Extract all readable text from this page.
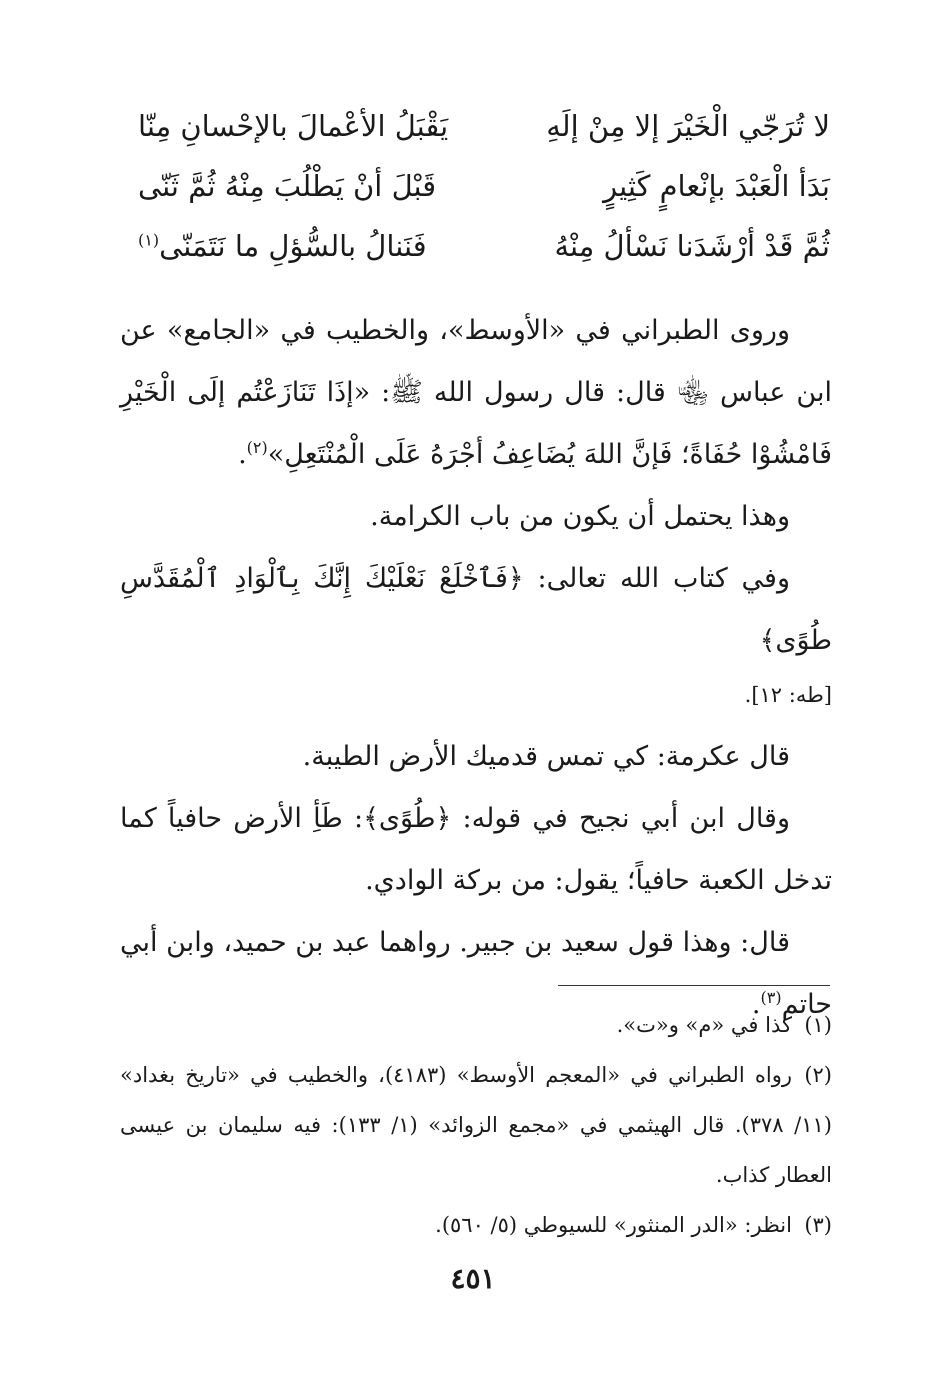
لا تُرَجّي الْخَيْرَ إلا مِنْ إلَهِ
يَقْبَلُ الأعْمالَ بالإحْسانِ مِنّا
بَدَأ الْعَبْدَ بإنْعامٍ كَثِيرٍ
قَبْلَ أنْ يَطْلُبَ مِنْهُ ثُمَّ ثَنّى
ثُمَّ قَدْ أرْشَدَنا نَسْألُ مِنْهُ
فَنَنالُ بالسُّؤلِ ما نَتَمَنّى$^{(١)}$

وروى الطبراني في «الأوسط»، والخطيب في «الجامع» عن ابن عباس ﵄ قال: قال رسول الله ﷺ: «إذَا تَنَازَعْتُم إلَى الْخَيْرِ فَامْشُوْا حُفَاةً؛ فَإنَّ اللهَ يُضَاعِفُ أجْرَهُ عَلَى الْمُنْتَعِلِ»$^{(٢)}$.

وهذا يحتمل أن يكون من باب الكرامة.

وفي كتاب الله تعالى: ﴿فَٱخْلَعْ نَعْلَيْكَ إِنَّكَ بِٱلْوَادِ ٱلْمُقَدَّسِ طُوًى﴾

[طه: ١٢].

قال عكرمة: كي تمس قدميك الأرض الطيبة.

وقال ابن أبي نجيح في قوله: ﴿طُوًى﴾: طَأِ الأرض حافياً كما تدخل الكعبة حافياً؛ يقول: من بركة الوادي.

قال: وهذا قول سعيد بن جبير. رواهما عبد بن حميد، وابن أبي حاتم$^{(٣)}$.

(١)كذا في «م» و«ت».

(٢)رواه الطبراني في «المعجم الأوسط» (٤١٨٣)، والخطيب في «تاريخ بغداد» (١١/ ٣٧٨). قال الهيثمي في «مجمع الزوائد» (١/ ١٣٣): فيه سليمان بن عيسى العطار كذاب.

(٣)انظر: «الدر المنثور» للسيوطي (٥/ ٥٦٠).

٤٥١
